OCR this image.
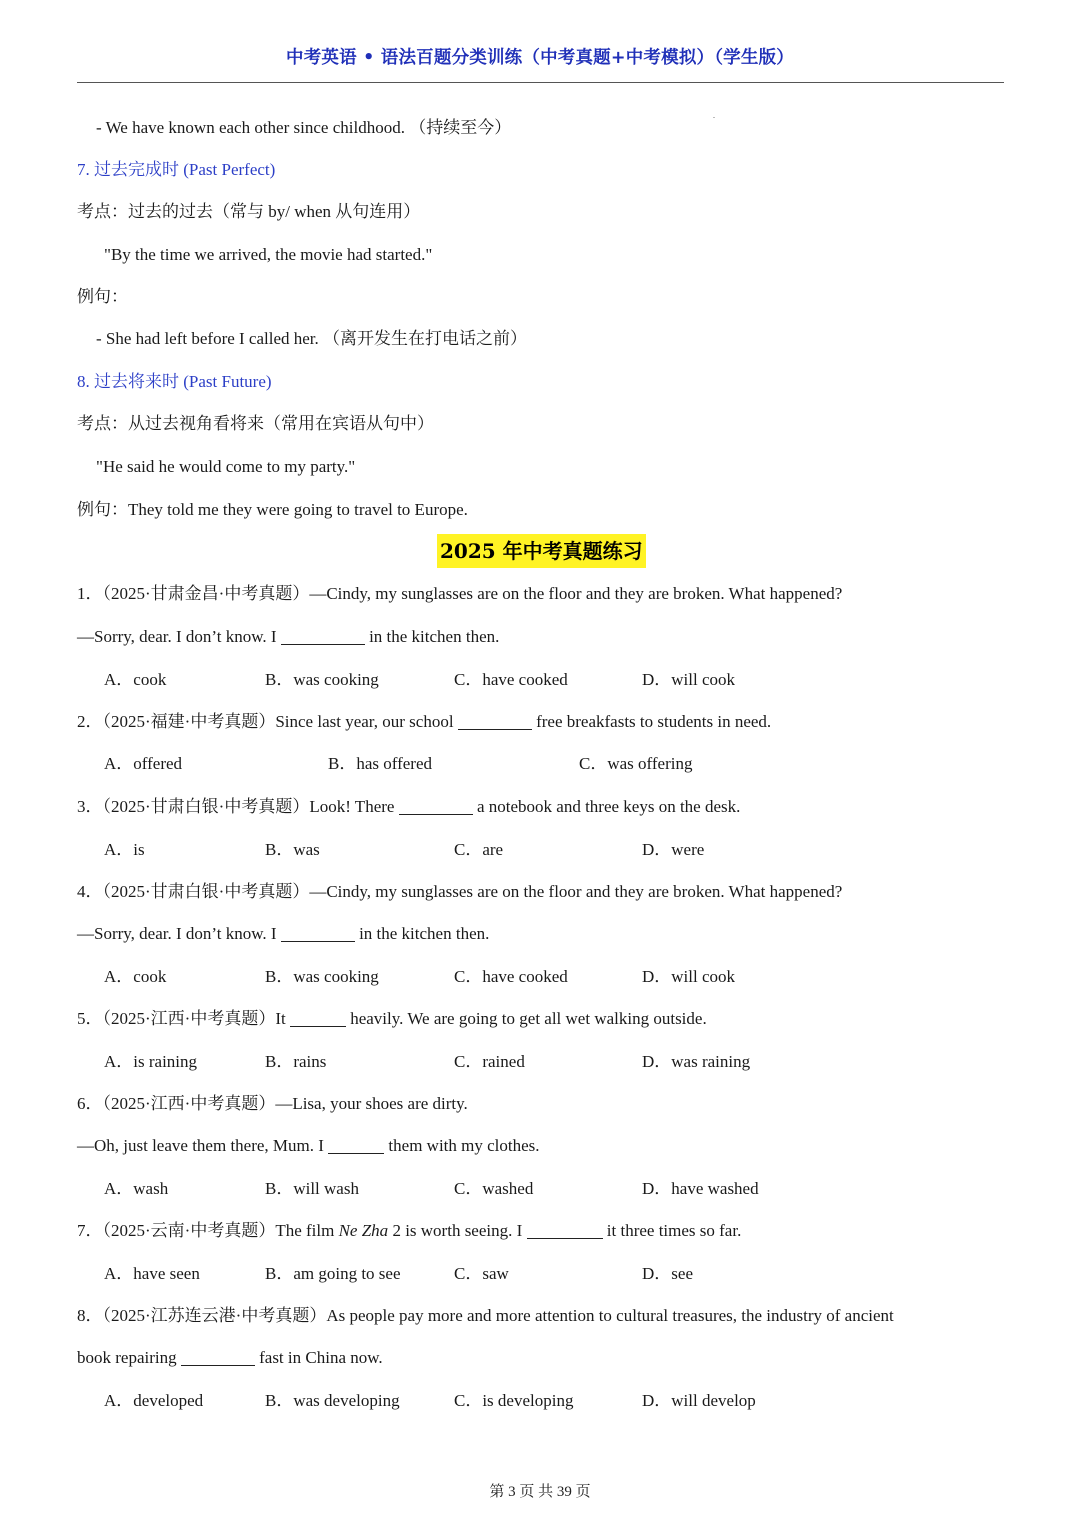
中考英语 • 语法百题分类训练（中考真题+中考模拟）（学生版）
- We have known each other since childhood. （持续至今）
7. 过去完成时 (Past Perfect)
考点：过去的过去（常与 by/ when 从句连用）
"By the time we arrived, the movie had started."
例句：
- She had left before I called her. （离开发生在打电话之前）
8. 过去将来时 (Past Future)
考点：从过去视角看将来（常用在宾语从句中）
"He said he would come to my party."
例句：They told me they were going to travel to Europe.
2025 年中考真题练习
1．（2025·甘肃金昌·中考真题）—Cindy, my sunglasses are on the floor and they are broken. What happened?
—Sorry, dear. I don’t know. I	in the kitchen then.
A．cook	B．was cooking	C．have cooked	D．will cook
2．（2025·福建·中考真题）Since last year, our school	free breakfasts to students in need.
A．offered	B．has offered	C．was offering
3．（2025·甘肃白银·中考真题）Look! There	a notebook and three keys on the desk.
A．is	B．was	C．are	D．were
4．（2025·甘肃白银·中考真题）—Cindy, my sunglasses are on the floor and they are broken. What happened?
—Sorry, dear. I don’t know. I	in the kitchen then.
A．cook	B．was cooking	C．have cooked	D．will cook
5．（2025·江西·中考真题）It	heavily. We are going to get all wet walking outside.
A．is raining	B．rains	C．rained	D．was raining
6．（2025·江西·中考真题）—Lisa, your shoes are dirty.
—Oh, just leave them there, Mum. I	them with my clothes.
A．wash	B．will wash	C．washed	D．have washed
7．（2025·云南·中考真题）The film Ne Zha 2 is worth seeing. I	it three times so far.
A．have seen	B．am going to see	C．saw	D．see
8．（2025·江苏连云港·中考真题）As people pay more and more attention to cultural treasures, the industry of ancient
book repairing	fast in China now.
A．developed	B．was developing	C．is developing	D．will develop
第 3 页 共 39 页
